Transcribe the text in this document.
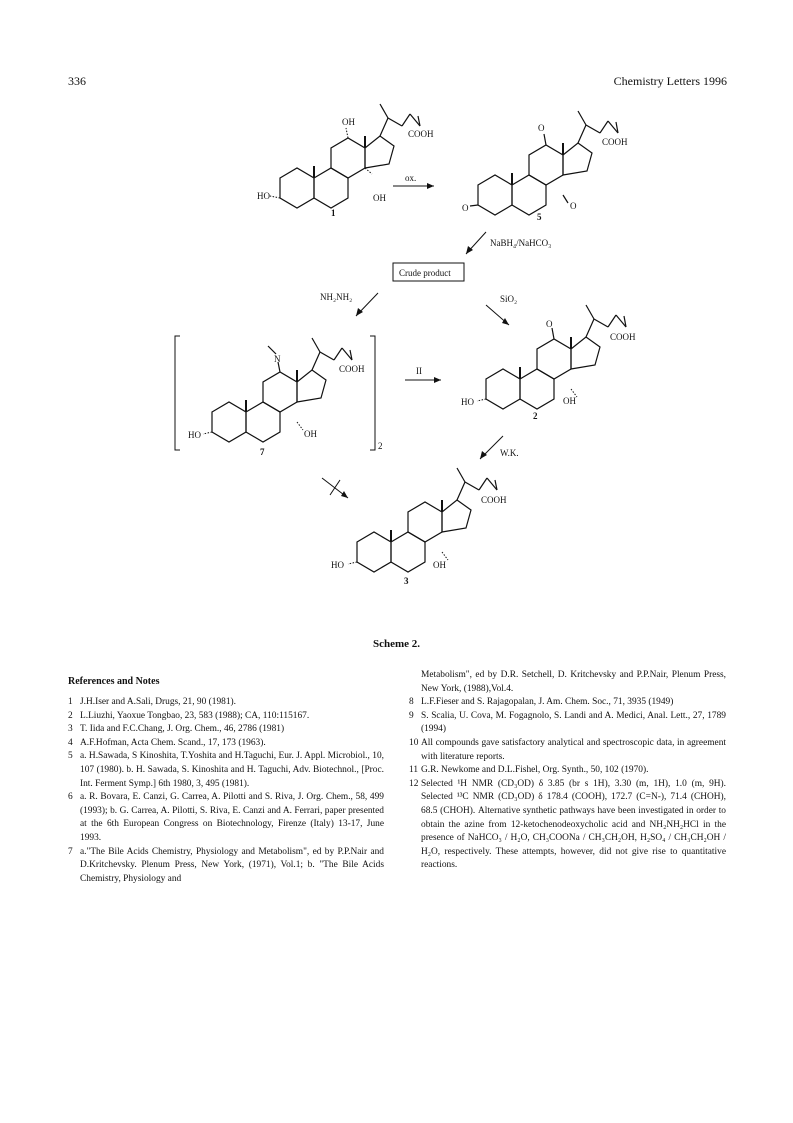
336	Chemistry Letters 1996
HO	OH
OH
COOH
1
ox.
O	O
O
COOH
5
NaBH₄/NaHCO₃
Crude product
NH₂NH₂	SiO₂
N
HO	OH
COOH
7
2
II
HO	OH
O
COOH
2
W.K.
HO	OH
COOH
3
Scheme 2.
References and Notes
1 J.H.Iser and A.Sali, Drugs, 21, 90 (1981).
2 L.Liuzhi, Yaoxue Tongbao, 23, 583 (1988); CA, 110:115167.
3 T. Iida and F.C.Chang, J. Org. Chem., 46, 2786 (1981)
4 A.F.Hofman, Acta Chem. Scand., 17, 173 (1963).
5 a. H.Sawada, S Kinoshita, T.Yoshita and H.Taguchi, Eur. J. Appl. Microbiol., 10, 107 (1980). b. H. Sawada, S. Kinoshita and H. Taguchi, Adv. Biotechnol., [Proc. Int. Ferment Symp.] 6th 1980, 3, 495 (1981).
6 a. R. Bovara, E. Canzi, G. Carrea, A. Pilotti and S. Riva, J. Org. Chem., 58, 499 (1993); b. G. Carrea, A. Pilotti, S. Riva, E. Canzi and A. Ferrari, paper presented at the 6th European Congress on Biotechnology, Firenze (Italy) 13-17, June 1993.
7 a."The Bile Acids Chemistry, Physiology and Metabolism", ed by P.P.Nair and D.Kritchevsky. Plenum Press, New York, (1971), Vol.1; b. "The Bile Acids Chemistry, Physiology and
Metabolism", ed by D.R. Setchell, D. Kritchevsky and P.P.Nair, Plenum Press, New York, (1988),Vol.4.
8 L.F.Fieser and S. Rajagopalan, J. Am. Chem. Soc., 71, 3935 (1949)
9 S. Scalia, U. Cova, M. Fogagnolo, S. Landi and A. Medici, Anal. Lett., 27, 1789 (1994)
10 All compounds gave satisfactory analytical and spectroscopic data, in agreement with literature reports.
11 G.R. Newkome and D.L.Fishel, Org. Synth., 50, 102 (1970).
12 Selected ¹H NMR (CD₃OD) δ 3.85 (br s 1H), 3.30 (m, 1H), 1.0 (m, 9H). Selected ¹³C NMR (CD₃OD) δ 178.4 (COOH), 172.7 (C=N-), 71.4 (CHOH), 68.5 (CHOH). Alternative synthetic pathways have been investigated in order to obtain the azine from 12-ketochenodeoxycholic acid and NH₂NH₂HCl in the presence of NaHCO₃ / H₂O, CH₃COONa / CH₃CH₂OH, H₂SO₄ / CH₃CH₂OH / H₂O, respectively. These attempts, however, did not give rise to quantitative reactions.
